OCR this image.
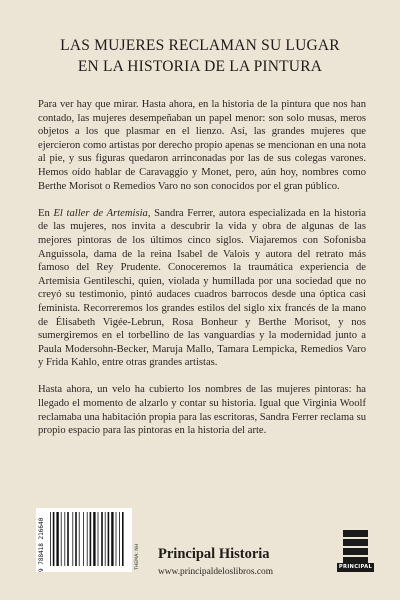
LAS MUJERES RECLAMAN SU LUGAR
EN LA HISTORIA DE LA PINTURA

Para ver hay que mirar. Hasta ahora, en la historia de la pintura que nos han contado, las mujeres desempeñaban un papel menor: son solo musas, meros objetos a los que plasmar en el lienzo. Así, las grandes mujeres que ejercieron como artistas por derecho propio apenas se mencionan en una nota al pie, y sus figuras quedaron arrinconadas por las de sus colegas varones. Hemos oído hablar de Caravaggio y Monet, pero, aún hoy, nombres como Berthe Morisot o Remedios Varo no son conocidos por el gran público.

En El taller de Artemisia, Sandra Ferrer, autora especializada en la historia de las mujeres, nos invita a descubrir la vida y obra de algunas de las mejores pintoras de los últimos cinco siglos. Viajaremos con Sofonisba Anguissola, dama de la reina Isabel de Valois y autora del retrato más famoso del Rey Prudente. Conoceremos la traumática experiencia de Artemisia Gentileschi, quien, violada y humillada por una sociedad que no creyó su testimonio, pintó audaces cuadros barrocos desde una óptica casi feminista. Recorreremos los grandes estilos del siglo xix francés de la mano de Élisabeth Vigée-Lebrun, Rosa Bonheur y Berthe Morisot, y nos sumergiremos en el torbellino de las vanguardias y la modernidad junto a Paula Modersohn-Becker, Maruja Mallo, Tamara Lempicka, Remedios Varo y Frida Kahlo, entre otras grandes artistas.

Hasta ahora, un velo ha cubierto los nombres de las mujeres pintoras: ha llegado el momento de alzarlo y contar su historia. Igual que Virginia Woolf reclamaba una habitación propia para las escritoras, Sandra Ferrer reclama su propio espacio para las pintoras en la historia del arte.

9 788418 216640	THEMA: NH Principal Historia
www.principaldeloslibros.com	PRINCIPAL
